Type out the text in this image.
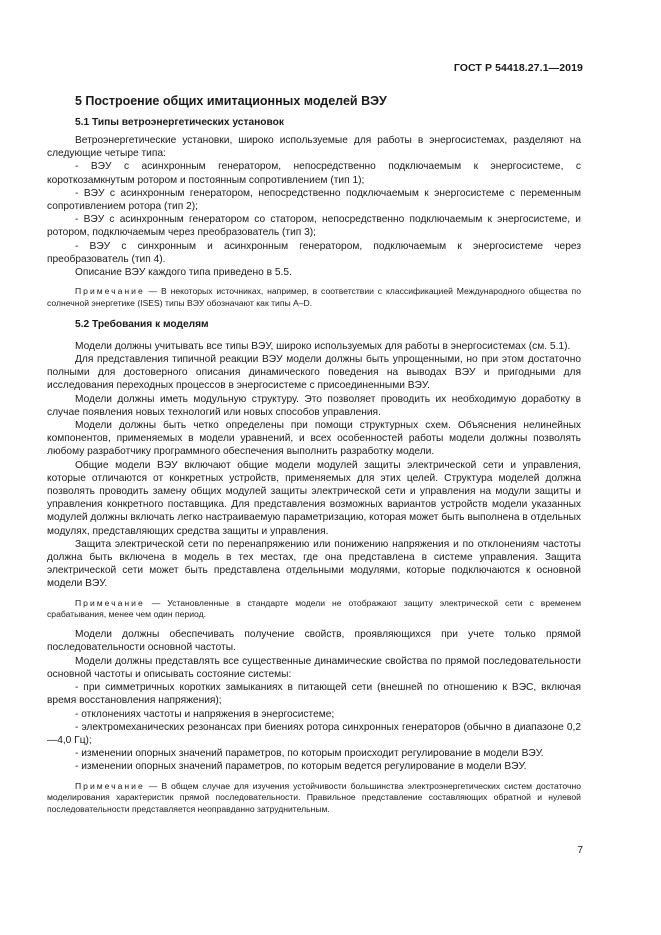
ГОСТ Р 54418.27.1—2019
5 Построение общих имитационных моделей ВЭУ
5.1 Типы ветроэнергетических установок

Ветроэнергетические установки, широко используемые для работы в энергосистемах, разделяют на следующие четыре типа:

- ВЭУ с асинхронным генератором, непосредственно подключаемым к энергосистеме, с короткозамкнутым ротором и постоянным сопротивлением (тип 1);

- ВЭУ с асинхронным генератором, непосредственно подключаемым к энергосистеме с переменным сопротивлением ротора (тип 2);

- ВЭУ с асинхронным генератором со статором, непосредственно подключаемым к энергосистеме, и ротором, подключаемым через преобразователь (тип 3);

- ВЭУ с синхронным и асинхронным генератором, подключаемым к энергосистеме через преобразователь (тип 4).

Описание ВЭУ каждого типа приведено в 5.5.

Примечание — В некоторых источниках, например, в соответствии с классификацией Международного общества по солнечной энергетике (ISES) типы ВЭУ обозначают как типы A–D.

5.2 Требования к моделям

Модели должны учитывать все типы ВЭУ, широко используемых для работы в энергосистемах (см. 5.1).

Для представления типичной реакции ВЭУ модели должны быть упрощенными, но при этом достаточно полными для достоверного описания динамического поведения на выводах ВЭУ и пригодными для исследования переходных процессов в энергосистеме с присоединенными ВЭУ.

Модели должны иметь модульную структуру. Это позволяет проводить их необходимую доработку в случае появления новых технологий или новых способов управления.

Модели должны быть четко определены при помощи структурных схем. Объяснения нелинейных компонентов, применяемых в модели уравнений, и всех особенностей работы модели должны позволять любому разработчику программного обеспечения выполнить разработку модели.

Общие модели ВЭУ включают общие модели модулей защиты электрической сети и управления, которые отличаются от конкретных устройств, применяемых для этих целей. Структура моделей должна позволять проводить замену общих модулей защиты электрической сети и управления на модули защиты и управления конкретного поставщика. Для представления возможных вариантов устройств модели указанных модулей должны включать легко настраиваемую параметризацию, которая может быть выполнена в отдельных модулях, представляющих средства защиты и управления.

Защита электрической сети по перенапряжению или понижению напряжения и по отклонениям частоты должна быть включена в модель в тех местах, где она представлена в системе управления. Защита электрической сети может быть представлена отдельными модулями, которые подключаются к основной модели ВЭУ.

Примечание — Установленные в стандарте модели не отображают защиту электрической сети с временем срабатывания, менее чем один период.

Модели должны обеспечивать получение свойств, проявляющихся при учете только прямой последовательности основной частоты.

Модели должны представлять все существенные динамические свойства по прямой последовательности основной частоты и описывать состояние системы:

- при симметричных коротких замыканиях в питающей сети (внешней по отношению к ВЭС, включая время восстановления напряжения);

- отклонениях частоты и напряжения в энергосистеме;

- электромеханических резонансах при биениях ротора синхронных генераторов (обычно в диапазоне 0,2—4,0 Гц);

- изменении опорных значений параметров, по которым происходит регулирование в модели ВЭУ.

- изменении опорных значений параметров, по которым ведется регулирование в модели ВЭУ.

Примечание — В общем случае для изучения устойчивости большинства электроэнергетических систем достаточно моделирования характеристик прямой последовательности. Правильное представление составляющих обратной и нулевой последовательности представляется неоправданно затруднительным.

7
